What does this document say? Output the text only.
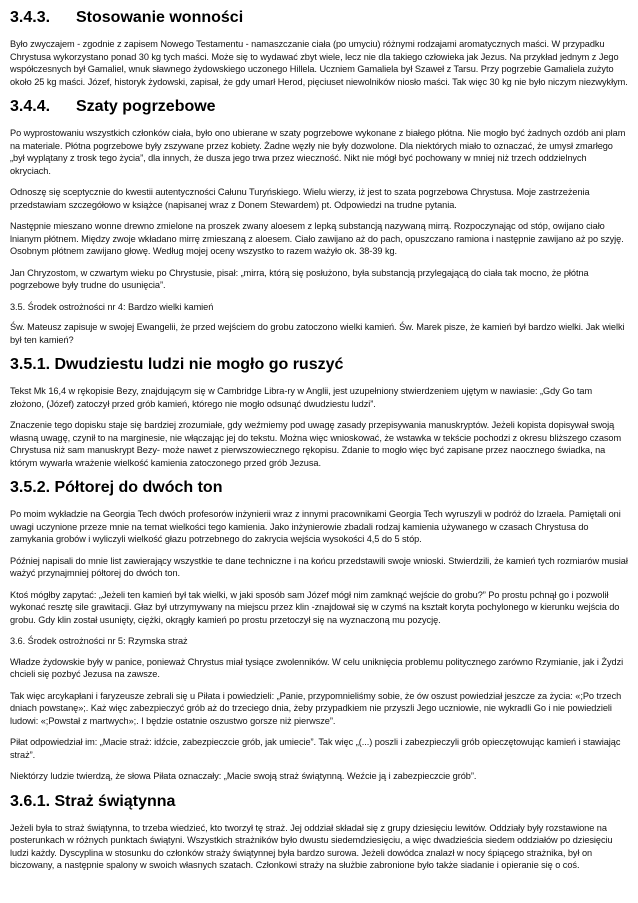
3.4.3. Stosowanie wonności

Było zwyczajem - zgodnie z zapisem Nowego Testamentu - namaszczanie ciała (po umyciu) różnymi rodzajami aromatycznych maści. W przypadku Chrystusa wykorzystano ponad 30 kg tych maści. Może się to wydawać zbyt wiele, lecz nie dla takiego człowieka jak Jezus. Na przykład jednym z Jego współczesnych był Gamaliel, wnuk sławnego żydowskiego uczonego Hillela. Uczniem Gamaliela był Szaweł z Tarsu. Przy pogrzebie Gamaliela zużyto około 25 kg maści. Józef, historyk żydowski, zapisał, że gdy umarł Herod, pięciuset niewolników niosło maści. Tak więc 30 kg nie było niczym niezwykłym.

3.4.4. Szaty pogrzebowe

Po wyprostowaniu wszystkich członków ciała, było ono ubierane w szaty pogrzebowe wykonane z białego płótna. Nie mogło być żadnych ozdób ani plam na materiale. Płótna pogrzebowe były zszywane przez kobiety. Żadne węzły nie były dozwolone. Dla niektórych miało to oznaczać, że umysł zmarłego „był wyplątany z trosk tego życia”, dla innych, że dusza jego trwa przez wieczność. Nikt nie mógł być pochowany w mniej niż trzech oddzielnych okryciach.

Odnoszę się sceptycznie do kwestii autentyczności Całunu Turyńskiego. Wielu wierzy, iż jest to szata pogrzebowa Chrystusa. Moje zastrzeżenia przedstawiam szczegółowo w książce (napisanej wraz z Donem Stewardem) pt. Odpowiedzi na trudne pytania.

Następnie mieszano wonne drewno zmielone na proszek zwany aloesem z lepką substancją nazywaną mirrą. Rozpoczynając od stóp, owijano ciało lnianym płótnem. Między zwoje wkładano mirrę zmieszaną z aloesem. Ciało zawijano aż do pach, opuszczano ramiona i następnie zawijano aż po szyję. Osobnym płótnem zawijano głowę. Według mojej oceny wszystko to razem ważyło ok. 38-39 kg.

Jan Chryzostom, w czwartym wieku po Chrystusie, pisał: „mirra, którą się posłużono, była substancją przylegającą do ciała tak mocno, że płótna pogrzebowe były trudne do usunięcia”.

3.5. Środek ostrożności nr 4: Bardzo wielki kamień

Św. Mateusz zapisuje w swojej Ewangelii, że przed wejściem do grobu zatoczono wielki kamień. Św. Marek pisze, że kamień był bardzo wielki. Jak wielki był ten kamień?

3.5.1. Dwudziestu ludzi nie mogło go ruszyć

Tekst Mk 16,4 w rękopisie Bezy, znajdującym się w Cambridge Libra-ry w Anglii, jest uzupełniony stwierdzeniem ujętym w nawiasie: „Gdy Go tam złożono, (Józef) zatoczył przed grób kamień, którego nie mogło odsunąć dwudziestu ludzi”.

Znaczenie tego dopisku staje się bardziej zrozumiałe, gdy weźmiemy pod uwagę zasady przepisywania manuskryptów. Jeżeli kopista dopisywał swoją własną uwagę, czynił to na marginesie, nie włączając jej do tekstu. Można więc wnioskować, że wstawka w tekście pochodzi z okresu bliższego czasom Chrystusa niż sam manuskrypt Bezy- może nawet z pierwszowiecznego rękopisu. Zdanie to mogło więc być zapisane przez naocznego świadka, na którym wywarła wrażenie wielkość kamienia zatoczonego przed grób Jezusa.

3.5.2. Półtorej do dwóch ton

Po moim wykładzie na Georgia Tech dwóch profesorów inżynierii wraz z innymi pracownikami Georgia Tech wyruszyli w podróż do Izraela. Pamiętali oni uwagi uczynione przeze mnie na temat wielkości tego kamienia. Jako inżynierowie zbadali rodzaj kamienia używanego w czasach Chrystusa do zamykania grobów i wyliczyli wielkość głazu potrzebnego do zakrycia wejścia wysokości 4,5 do 5 stóp.

Później napisali do mnie list zawierający wszystkie te dane techniczne i na końcu przedstawili swoje wnioski. Stwierdzili, że kamień tych rozmiarów musiał ważyć przynajmniej półtorej do dwóch ton.

Ktoś mógłby zapytać: „Jeżeli ten kamień był tak wielki, w jaki sposób sam Józef mógł nim zamknąć wejście do grobu?” Po prostu pchnął go i pozwolił wykonać resztę sile grawitacji. Głaz był utrzymywany na miejscu przez klin -znajdował się w czymś na kształt koryta pochylonego w kierunku wejścia do grobu. Gdy klin został usunięty, ciężki, okrągły kamień po prostu przetoczył się na wyznaczoną mu pozycję.

3.6. Środek ostrożności nr 5: Rzymska straż

Władze żydowskie były w panice, ponieważ Chrystus miał tysiące zwolenników. W celu uniknięcia problemu politycznego zarówno Rzymianie, jak i Żydzi chcieli się pozbyć Jezusa na zawsze.

Tak więc arcykapłani i faryzeusze zebrali się u Piłata i powiedzieli: „Panie, przypomnieliśmy sobie, że ów oszust powiedział jeszcze za życia: «;Po trzech dniach powstanę»;. Każ więc zabezpieczyć grób aż do trzeciego dnia, żeby przypadkiem nie przyszli Jego uczniowie, nie wykradli Go i nie powiedzieli ludowi: «;Powstał z martwych»;. I będzie ostatnie oszustwo gorsze niż pierwsze”.

Piłat odpowiedział im: „Macie straż: idźcie, zabezpieczcie grób, jak umiecie”. Tak więc „(...) poszli i zabezpieczyli grób opieczętowując kamień i stawiając straż”.

Niektórzy ludzie twierdzą, że słowa Piłata oznaczały: „Macie swoją straż świątynną. Weźcie ją i zabezpieczcie grób”.

3.6.1. Straż świątynna

Jeżeli była to straż świątynna, to trzeba wiedzieć, kto tworzył tę straż. Jej oddział składał się z grupy dziesięciu lewitów. Oddziały były rozstawione na posterunkach w różnych punktach świątyni. Wszystkich strażników było dwustu siedemdziesięciu, a więc dwadzieścia siedem oddziałów po dziesięciu ludzi każdy. Dyscyplina w stosunku do członków straży świątynnej była bardzo surowa. Jeżeli dowódca znalazł w nocy śpiącego strażnika, był on biczowany, a następnie spalony w swoich własnych szatach. Członkowi straży na służbie zabronione było także siadanie i opieranie się o coś.
